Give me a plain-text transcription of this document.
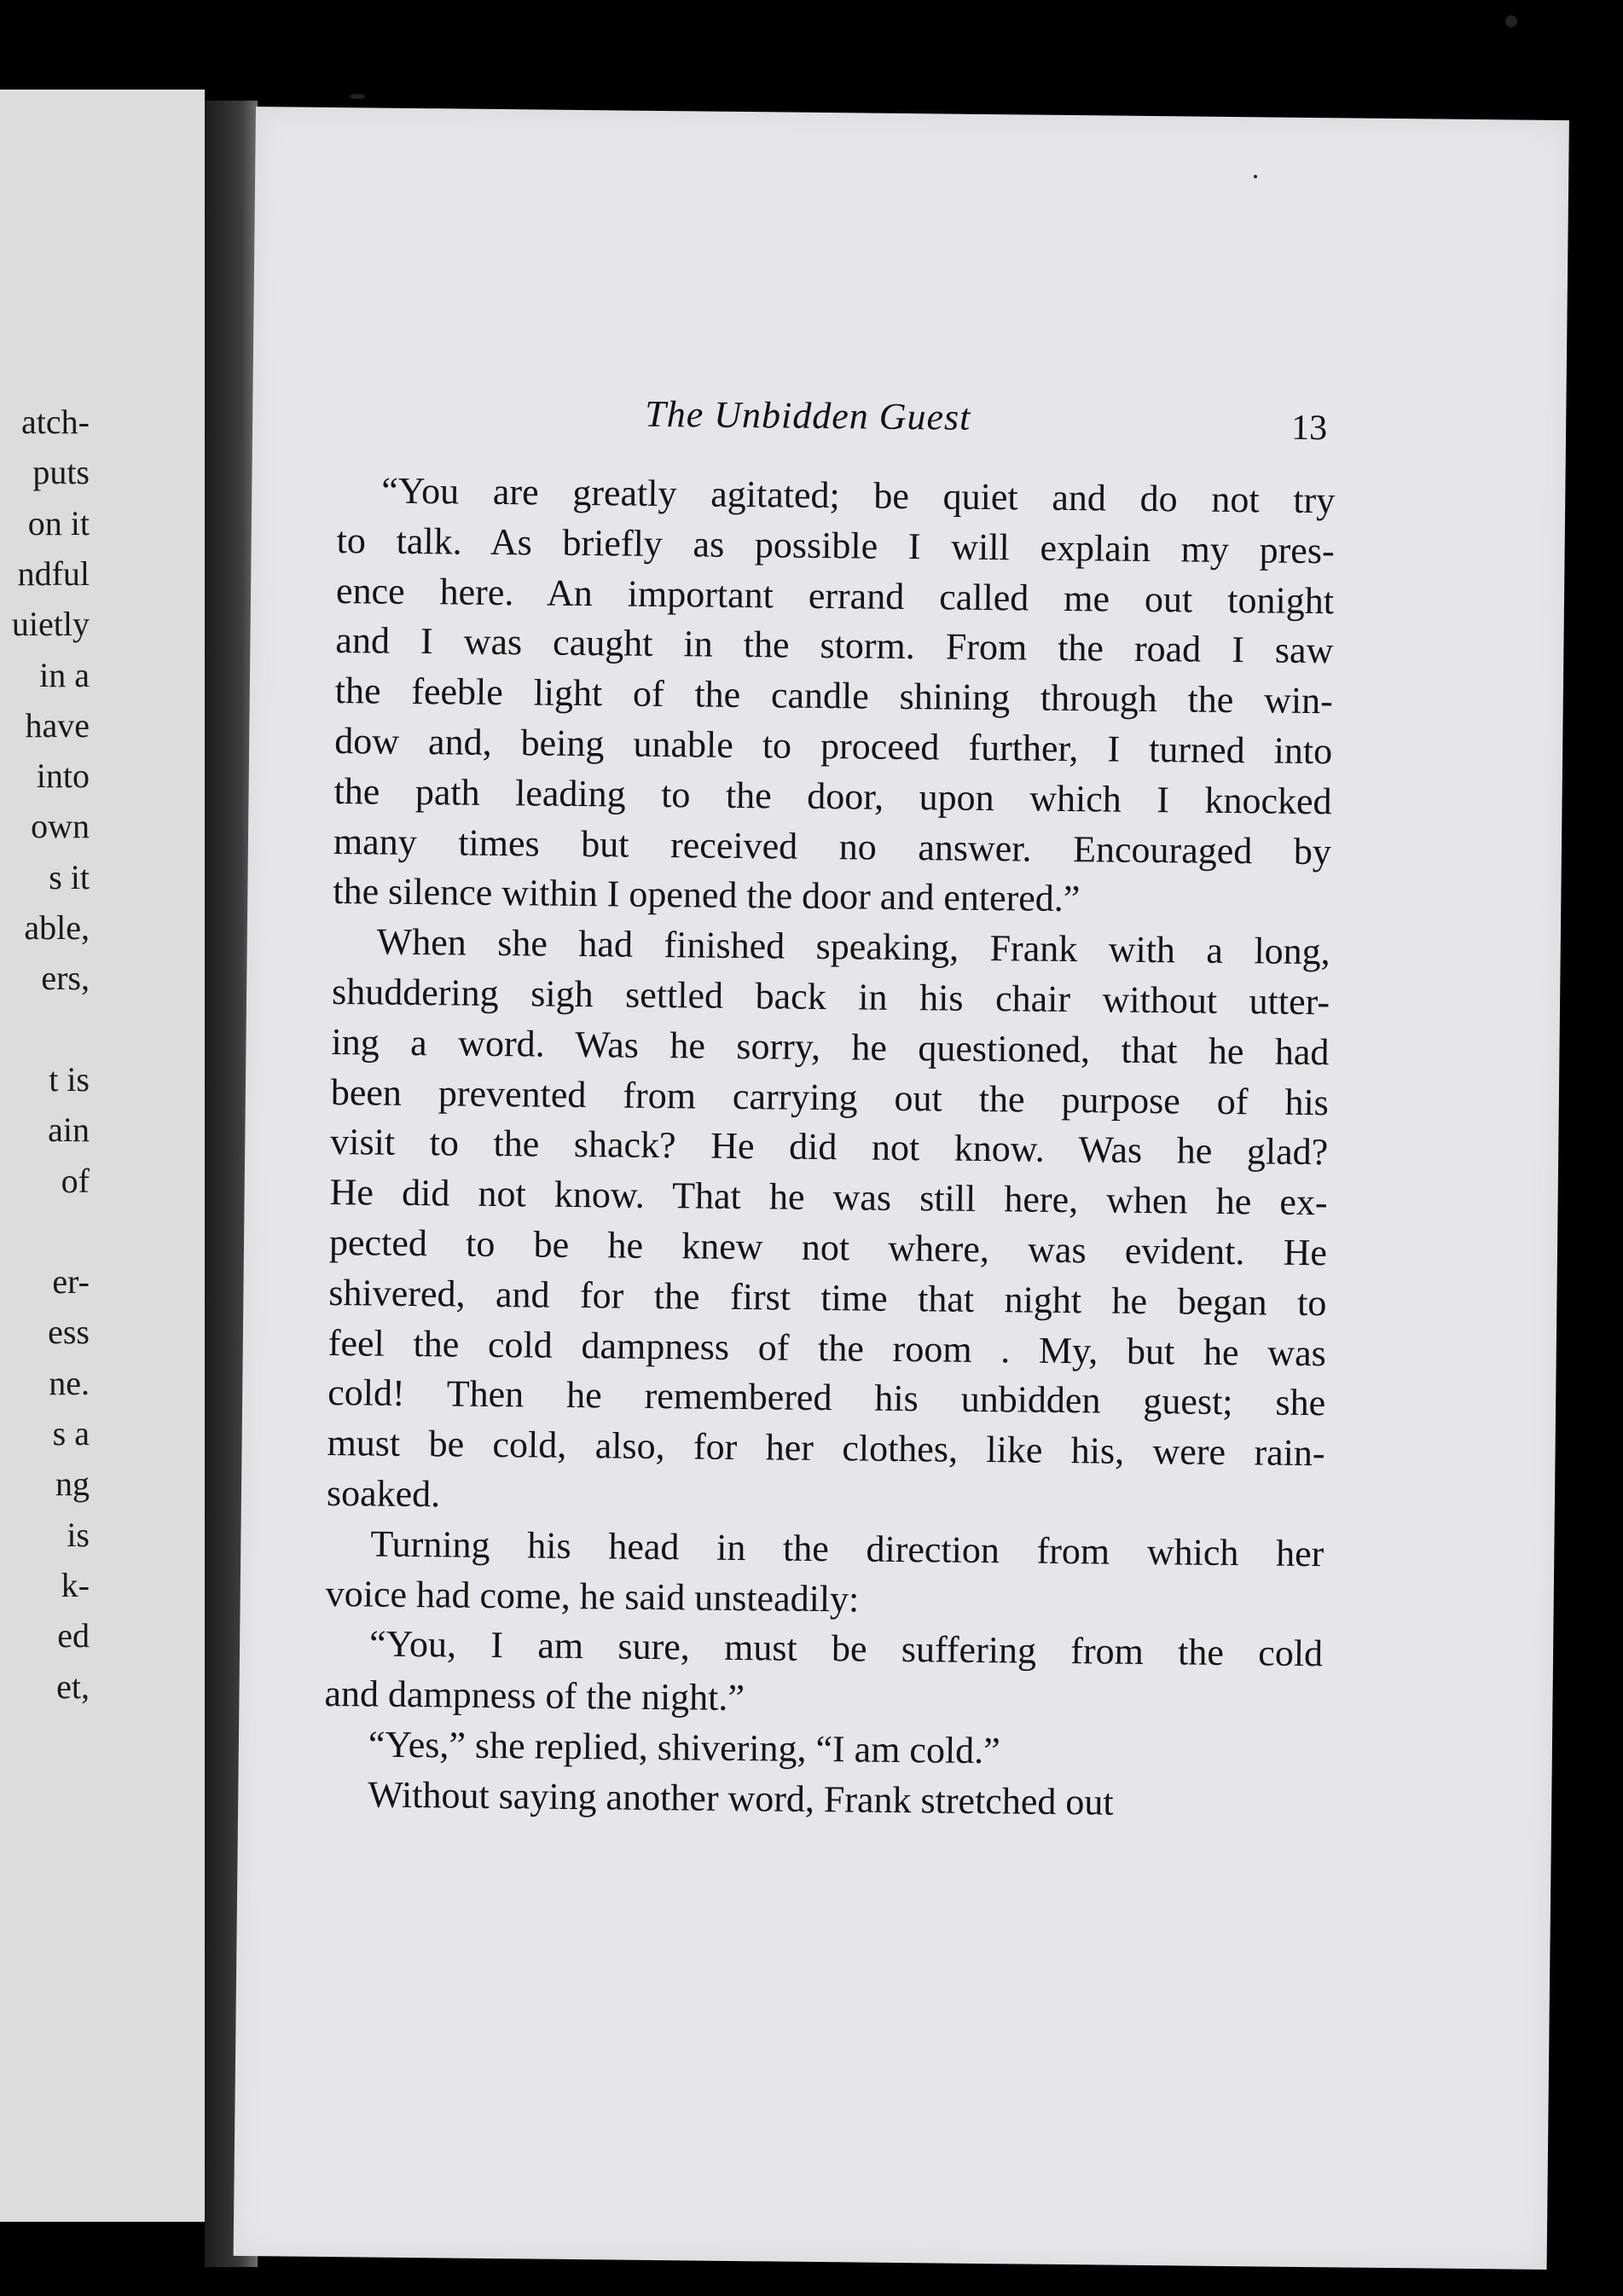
atch-
puts
on it
ndful
uietly
in a
have
into
own
s it
able,
ers,
t is
ain
of
er-
ess
ne.
s a
ng
is
k-
ed
et,
The Unbidden Guest	13
“You are greatly agitated; be quiet and do not try
to talk. As briefly as possible I will explain my pres-
ence here. An important errand called me out tonight
and I was caught in the storm. From the road I saw
the feeble light of the candle shining through the win-
dow and, being unable to proceed further, I turned into
the path leading to the door, upon which I knocked
many times but received no answer. Encouraged by
the silence within I opened the door and entered.”
When she had finished speaking, Frank with a long,
shuddering sigh settled back in his chair without utter-
ing a word. Was he sorry, he questioned, that he had
been prevented from carrying out the purpose of his
visit to the shack? He did not know. Was he glad?
He did not know. That he was still here, when he ex-
pected to be he knew not where, was evident. He
shivered, and for the first time that night he began to
feel the cold dampness of the room . My, but he was
cold! Then he remembered his unbidden guest; she
must be cold, also, for her clothes, like his, were rain-
soaked.
Turning his head in the direction from which her
voice had come, he said unsteadily:
“You, I am sure, must be suffering from the cold
and dampness of the night.”
“Yes,” she replied, shivering, “I am cold.”
Without saying another word, Frank stretched out
